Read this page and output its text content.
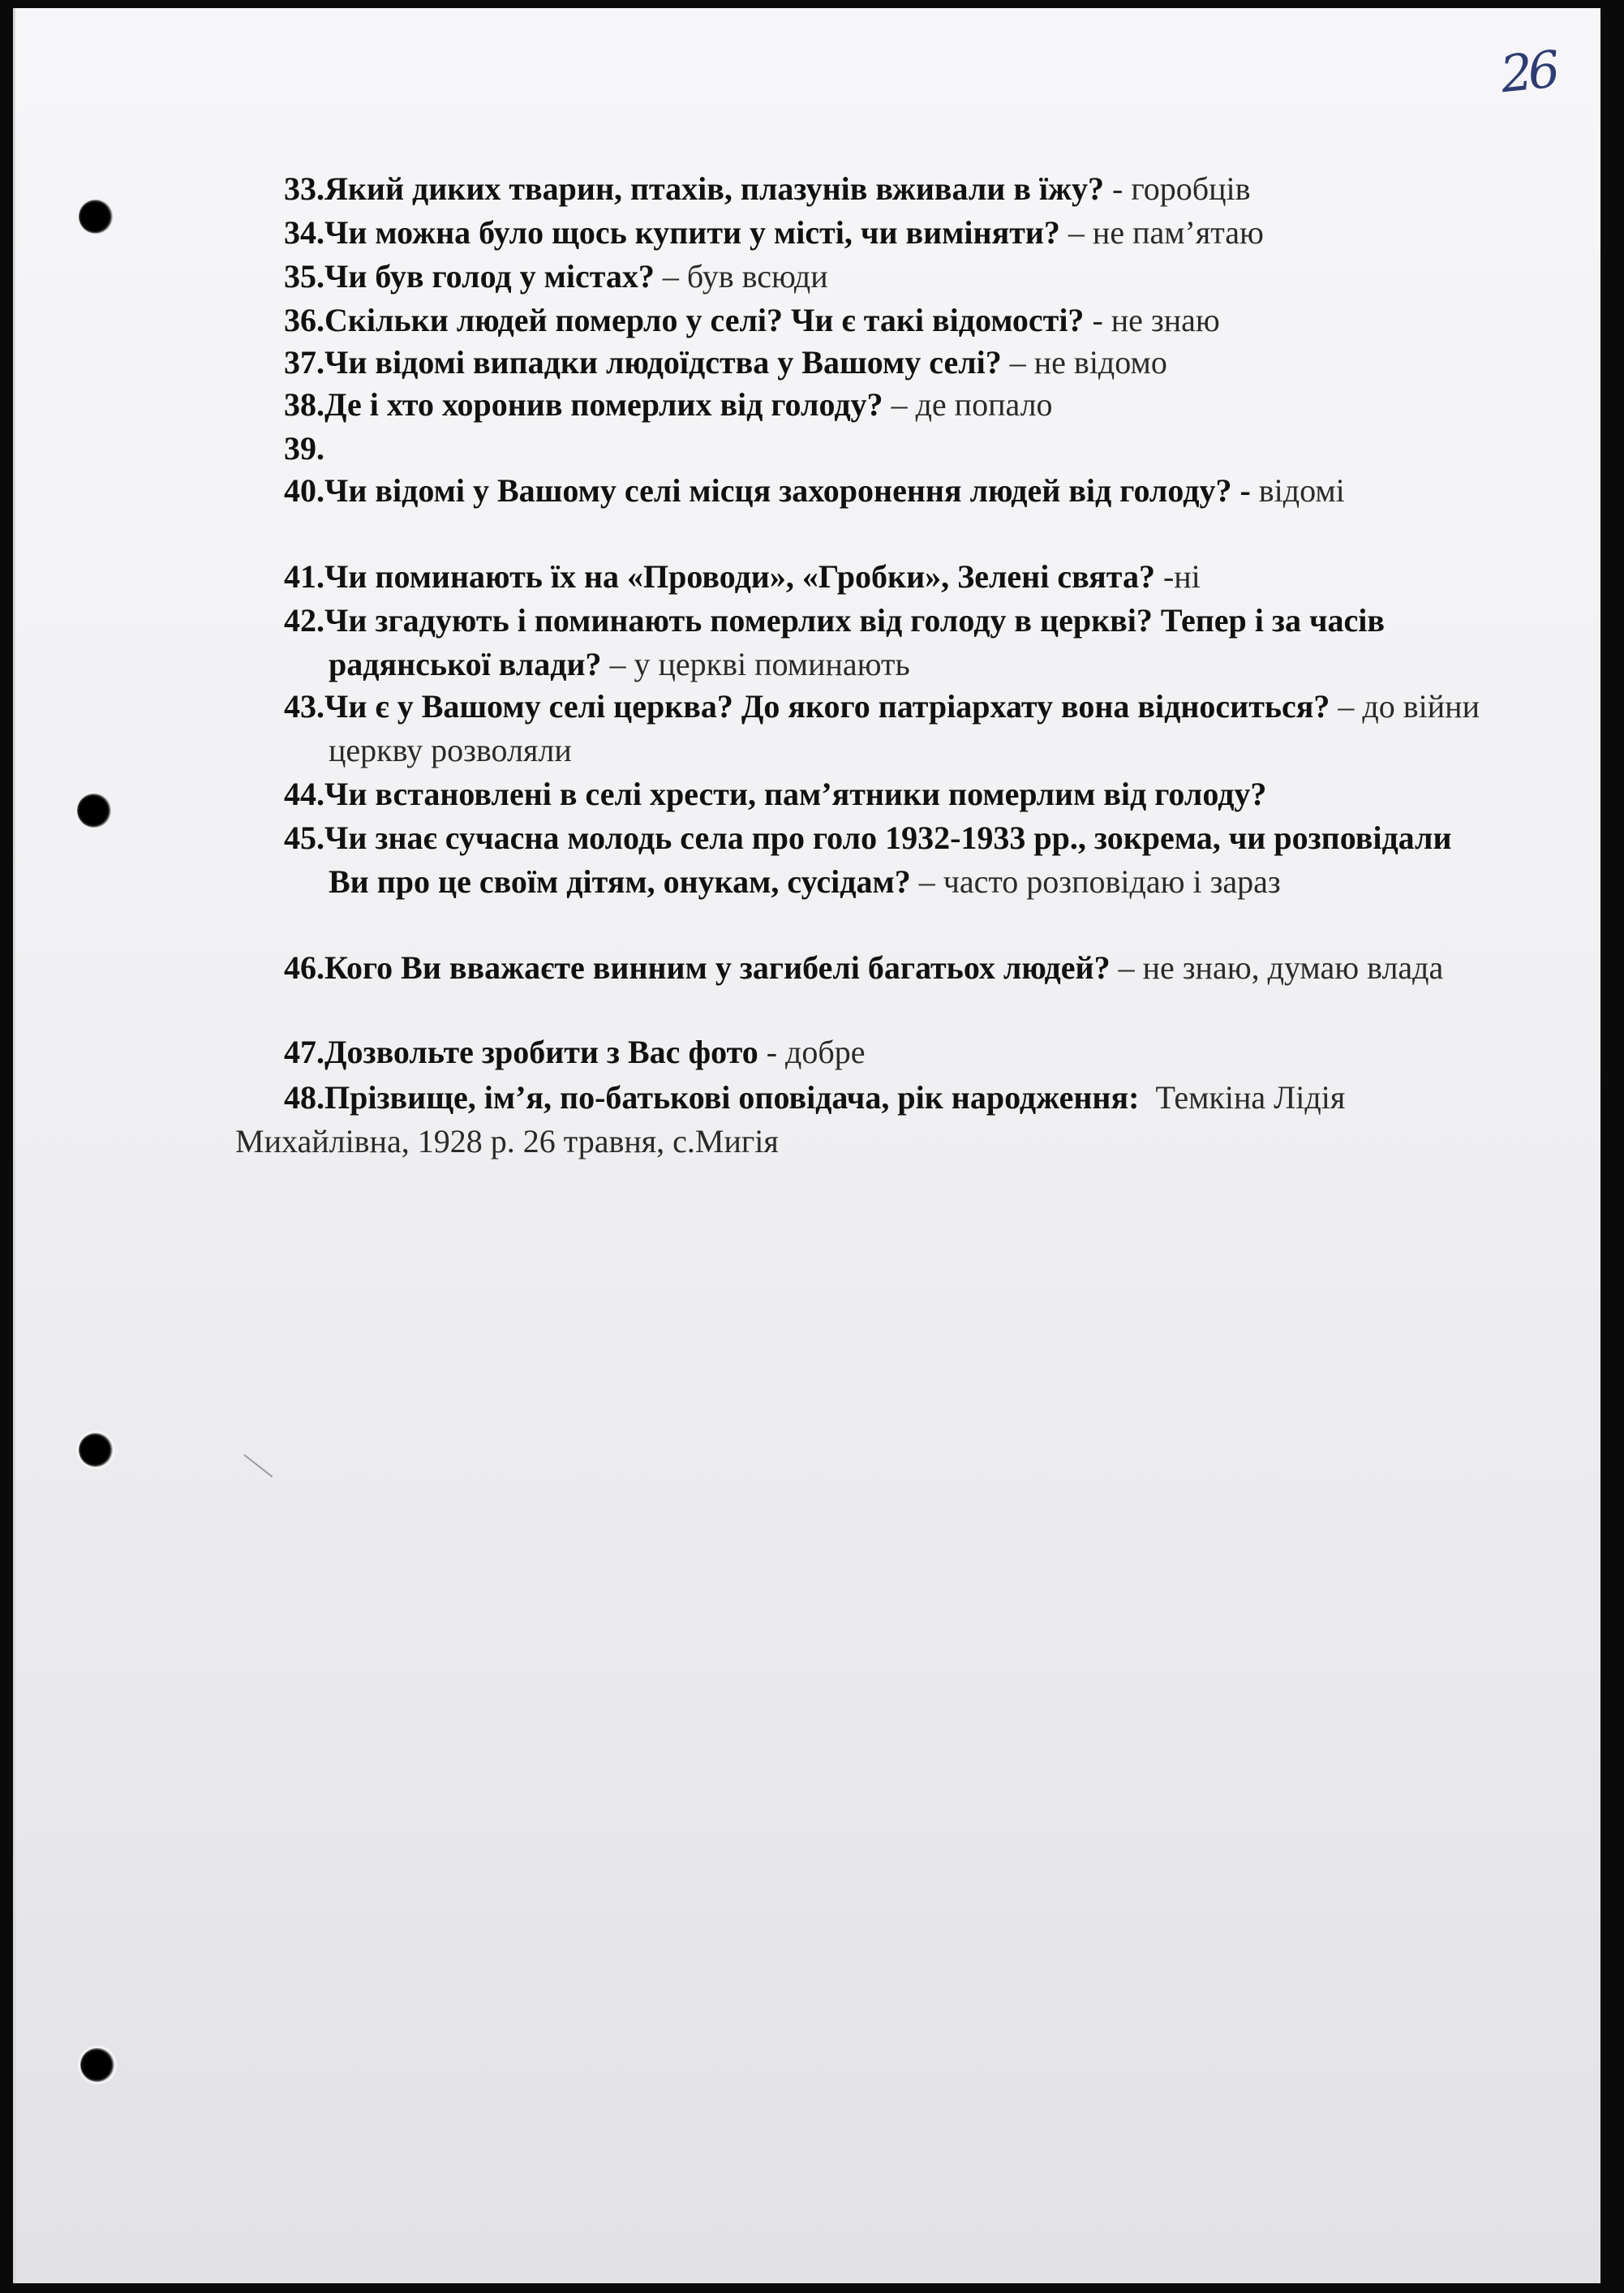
26
33.Який диких тварин, птахів, плазунів вживали в їжу? - горобців
34.Чи можна було щось купити у місті, чи виміняти? – не пам’ятаю
35.Чи був голод у містах? – був всюди
36.Скільки людей померло у селі? Чи є такі відомості? - не знаю
37.Чи відомі випадки людоїдства у Вашому селі? – не відомо
38.Де і хто хоронив померлих від голоду? – де попало
39.
40.Чи відомі у Вашому селі місця захоронення людей від голоду? - відомі
41.Чи поминають їх на «Проводи», «Гробки», Зелені свята? -ні
42.Чи згадують і поминають померлих від голоду в церкві? Тепер і за часів радянської влади? – у церкві поминають
43.Чи є у Вашому селі церква? До якого патріархату вона відноситься? – до війни церкву розволяли
44.Чи встановлені в селі хрести, пам’ятники померлим від голоду?
45.Чи знає сучасна молодь села про голо 1932-1933 рр., зокрема, чи розповідали Ви про це своїм дітям, онукам, сусідам? – часто розповідаю і зараз
46.Кого Ви вважаєте винним у загибелі багатьох людей? – не знаю, думаю влада
47.Дозвольте зробити з Вас фото - добре
48.Прізвище, ім’я, по-батькові оповідача, рік народження: Темкіна Лідія Михайлівна, 1928 р. 26 травня, с.Мигія
